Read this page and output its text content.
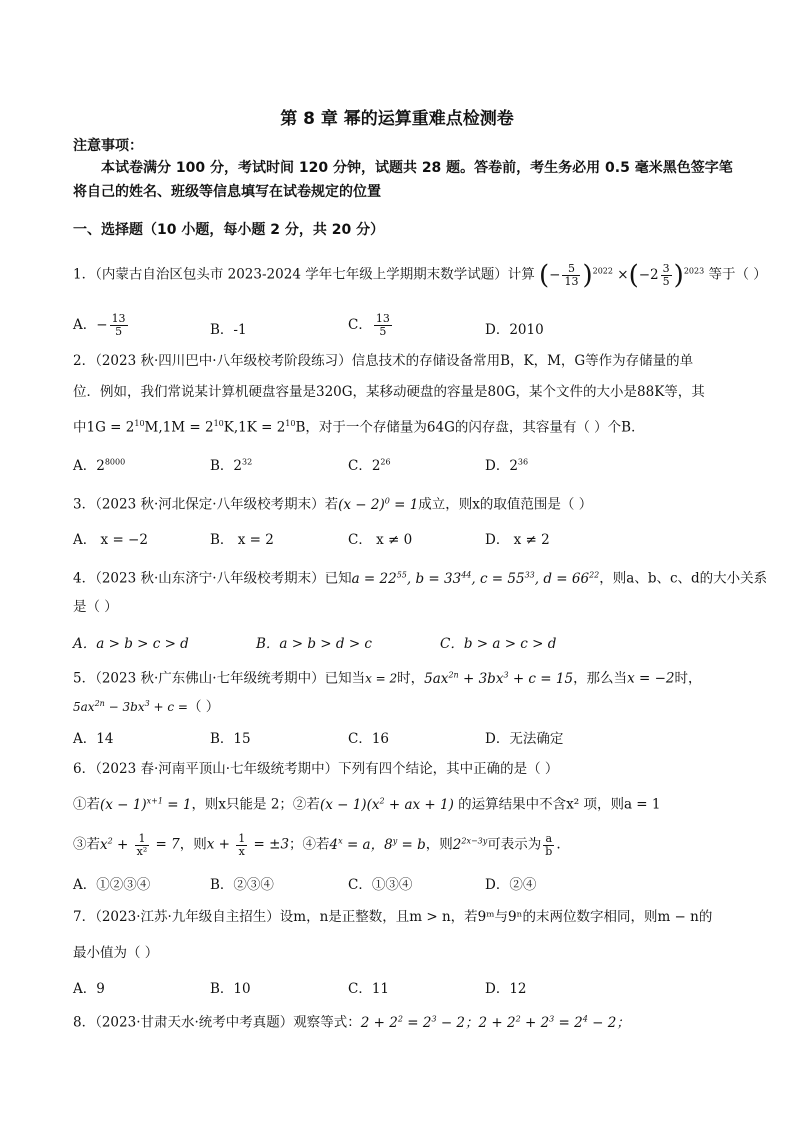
第 8 章 幂的运算重难点检测卷
注意事项：
本试卷满分 100 分，考试时间 120 分钟，试题共 28 题。答卷前，考生务必用 0.5 毫米黑色签字笔将自己的姓名、班级等信息填写在试卷规定的位置
一、选择题（10 小题，每小题 2 分，共 20 分）
1．（内蒙古自治区包头市 2023-2024 学年七年级上学期期末数学试题）计算 (− $\frac{5}{13} )^{2022} \times(-2 \frac{3}{5} )^{2023}$ 等于（ ）
A．− $\frac{13}{5}$	B．-1	C． $\frac{13}{5}$	D．2010
2．（2023 秋·四川巴中·八年级校考阶段练习）信息技术的存储设备常用B，K，M，G等作为存储量的单
位．例如，我们常说某计算机硬盘容量是320G，某移动硬盘的容量是80G，某个文件的大小是88K等，其
中$1G = 2^{10}M,1M = 2^{10}K,1K = 2^{10}B$，对于一个存储量为64G的闪存盘，其容量有（ ）个B．
A．$2^{8000}$	B．$2^{32}$	C．$2^{26}$	D．$2^{36}$
3．（2023 秋·河北保定·八年级校考期末）若$(x - 2)^0 = 1$成立，则x的取值范围是（ ）
A． x = −2	B． x = 2	C． x ≠ 0	D． x ≠ 2
4．（2023 秋·山东济宁·八年级校考期末）已知$a = 22^{55}$, $b = 33^{44}$, $c = 55^{33}$, $d = 66^{22}$，则a、b、c、d的大小关系
是（ ）
A．a > b > c > d	B．a > b > d > c	C．b > a > c > d
5．（2023 秋·广东佛山·七年级统考期中）已知当x = 2时，$5ax^{2n} + 3bx^3 + c = 15$，那么当x = −2时，
$5ax^{2n} - 3bx^3 + c$ =（ ）
A．14	B．15	C．16	D．无法确定
6．（2023 春·河南平顶山·七年级统考期中）下列有四个结论，其中正确的是（ ）
①若$(x - 1)^{x+1} = 1$，则x只能是 2；②若$(x - 1)(x^2$ + ax + 1) 的运算结果中不含x² 项，则a = 1
③若$x^2 + \frac{1}{\text{x²}} = 7$，则$x + \frac{1}{x} = \pm 3$；④若$4^x = a$，$8^y = b$，则$2^{2x-3y}$可表示为 $\frac{a}{b}$ .
A．①②③④	B．②③④	C．①③④	D．②④
7．（2023·江苏·九年级自主招生）设m，n是正整数，且m > n，若9ᵐ与9ⁿ的末两位数字相同，则m − n的
最小值为（ ）
A．9	B．10	C．11	D．12
8．（2023·甘肃天水·统考中考真题）观察等式：$2 + 2^2 = 2^3 - 2$；$2 + 2^2 + 2^3 = 2^4 - 2$；
